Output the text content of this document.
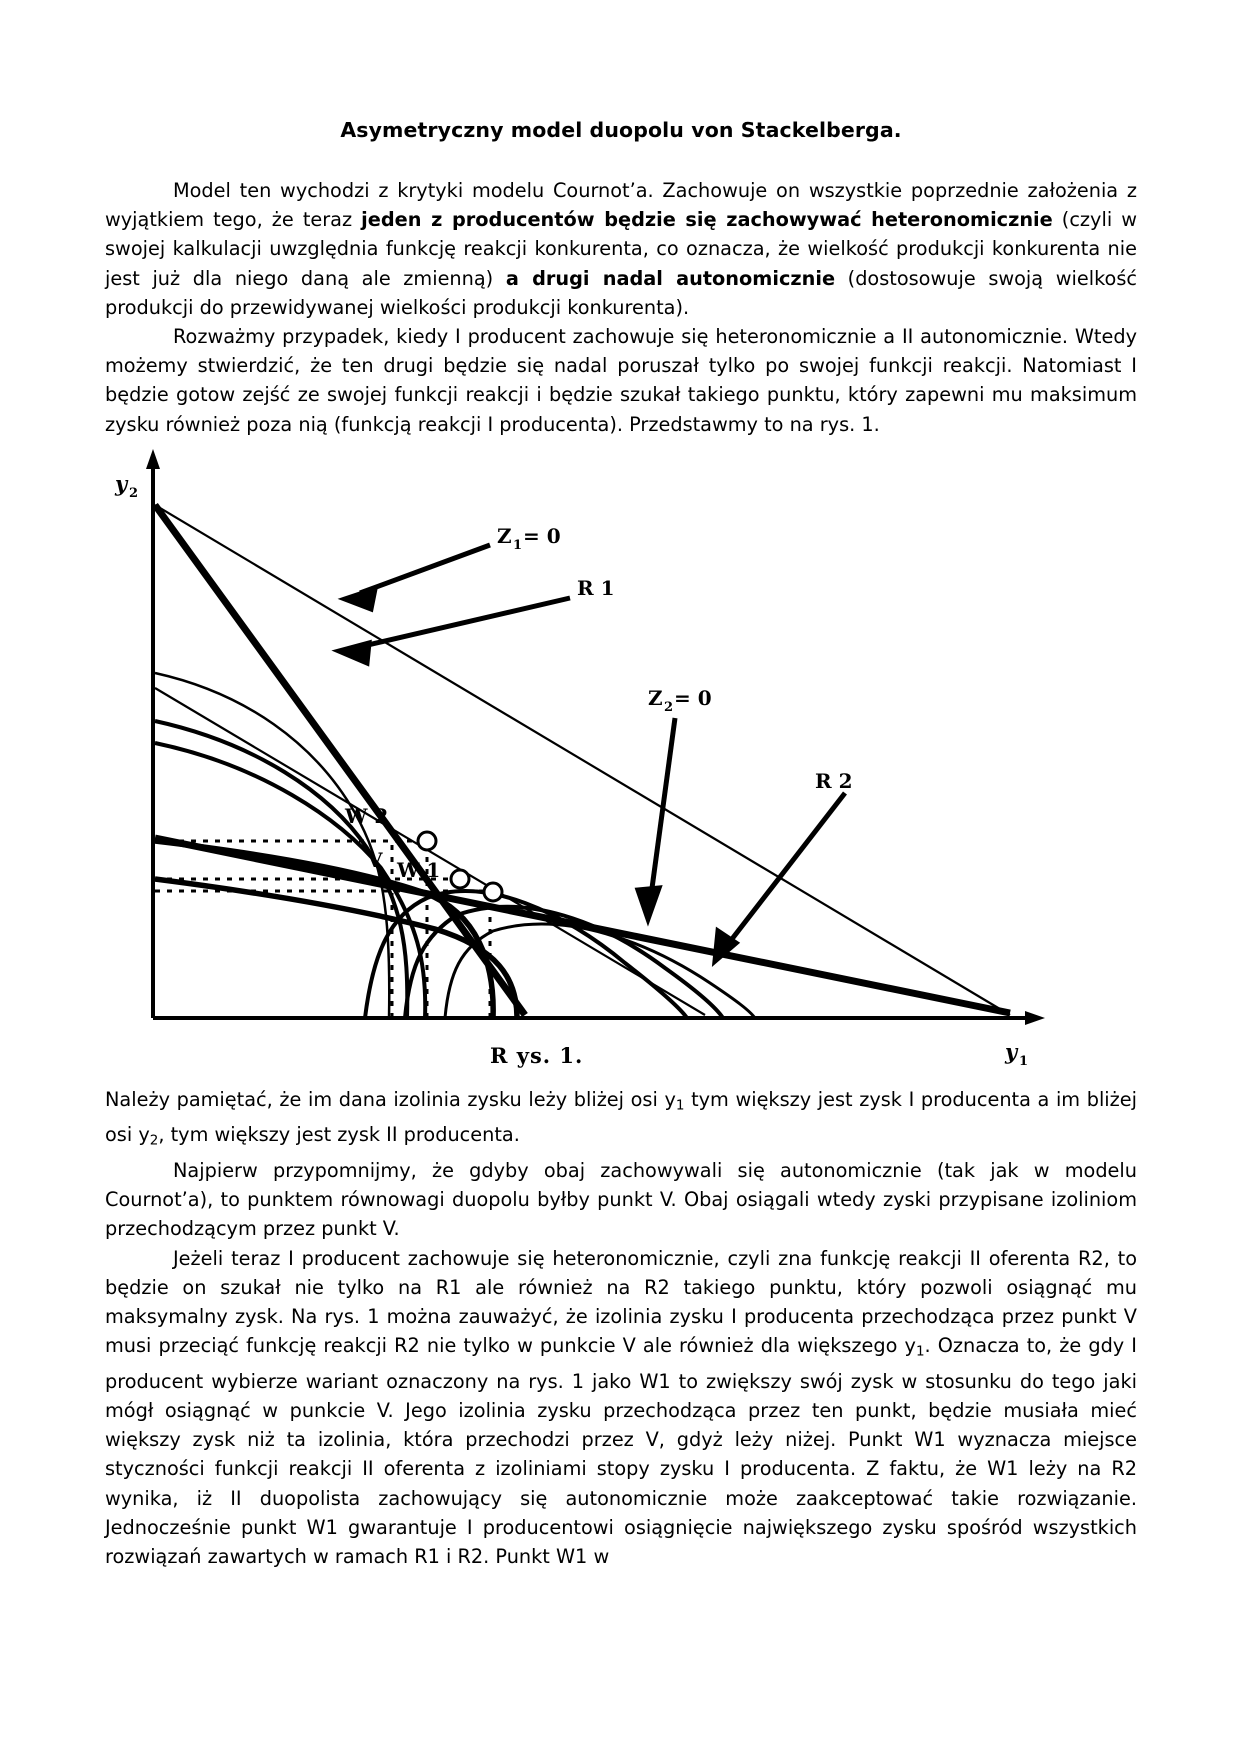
Asymetryczny model duopolu von Stackelberga.

Model ten wychodzi z krytyki modelu Cournot’a. Zachowuje on wszystkie poprzednie założenia z wyjątkiem tego, że teraz jeden z producentów będzie się zachowywać heteronomicznie (czyli w swojej kalkulacji uwzględnia funkcję reakcji konkurenta, co oznacza, że wielkość produkcji konkurenta nie jest już dla niego daną ale zmienną) a drugi nadal autonomicznie (dostosowuje swoją wielkość produkcji do przewidywanej wielkości produkcji konkurenta).

Rozważmy przypadek, kiedy I producent zachowuje się heteronomicznie a II autonomicznie. Wtedy możemy stwierdzić, że ten drugi będzie się nadal poruszał tylko po swojej funkcji reakcji. Natomiast I będzie gotow zejść ze swojej funkcji reakcji i będzie szukał takiego punktu, który zapewni mu maksimum zysku również poza nią (funkcją reakcji I producenta). Przedstawmy to na rys. 1.

Z 1 = 0
R 1
Z 2 = 0
R 2
W 2
V W 1
y 2
y 1

R ys. 1.

Należy pamiętać, że im dana izolinia zysku leży bliżej osi $y_1$ tym większy jest zysk I producenta a im bliżej osi $y_2$, tym większy jest zysk II producenta.

Najpierw przypomnijmy, że gdyby obaj zachowywali się autonomicznie (tak jak w modelu Cournot’a), to punktem równowagi duopolu byłby punkt V. Obaj osiągali wtedy zyski przypisane izoliniom przechodzącym przez punkt V.

Jeżeli teraz I producent zachowuje się heteronomicznie, czyli zna funkcję reakcji II oferenta R2, to będzie on szukał nie tylko na R1 ale również na R2 takiego punktu, który pozwoli osiągnąć mu maksymalny zysk. Na rys. 1 można zauważyć, że izolinia zysku I producenta przechodząca przez punkt V musi przeciąć funkcję reakcji R2 nie tylko w punkcie V ale również dla większego $y_1$. Oznacza to, że gdy I producent wybierze wariant oznaczony na rys. 1 jako W1 to zwiększy swój zysk w stosunku do tego jaki mógł osiągnąć w punkcie V. Jego izolinia zysku przechodząca przez ten punkt, będzie musiała mieć większy zysk niż ta izolinia, która przechodzi przez V, gdyż leży niżej. Punkt W1 wyznacza miejsce styczności funkcji reakcji II oferenta z izoliniami stopy zysku I producenta. Z faktu, że W1 leży na R2 wynika, iż II duopolista zachowujący się autonomicznie może zaakceptować takie rozwiązanie. Jednocześnie punkt W1 gwarantuje I producentowi osiągnięcie największego zysku spośród wszystkich rozwiązań zawartych w ramach R1 i R2. Punkt W1 w
